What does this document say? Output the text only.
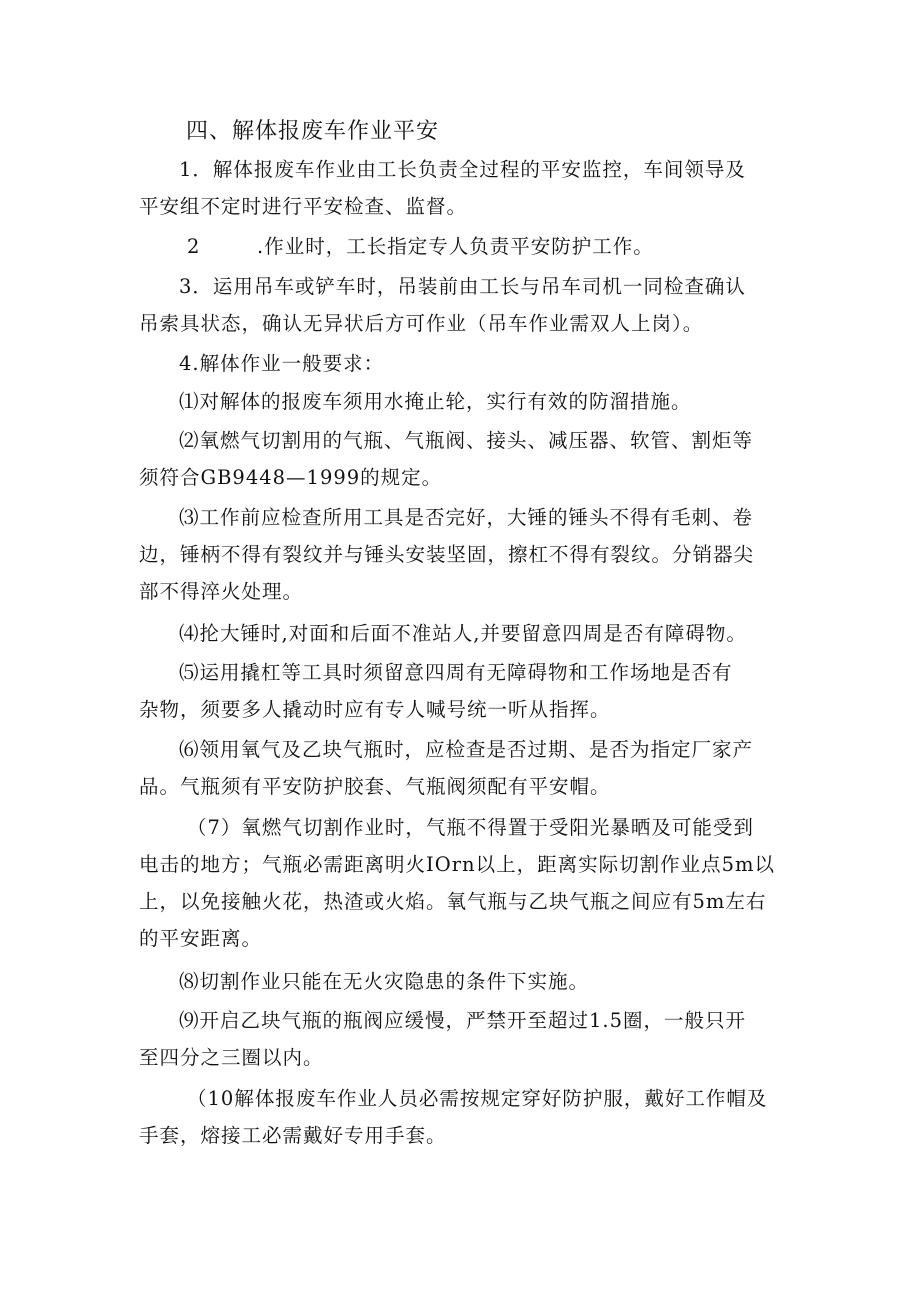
四、解体报废车作业平安
1．解体报废车作业由工长负责全过程的平安监控，车间领导及
平安组不定时进行平安检查、监督。
2	.作业时，工长指定专人负责平安防护工作。
3．运用吊车或铲车时，吊装前由工长与吊车司机一同检查确认
吊索具状态，确认无异状后方可作业（吊车作业需双人上岗）。
4.解体作业一般要求：
⑴对解体的报废车须用水掩止轮，实行有效的防溜措施。
⑵氧燃气切割用的气瓶、气瓶阀、接头、减压器、软管、割炬等
须符合GB9448—1999的规定。
⑶工作前应检查所用工具是否完好，大锤的锤头不得有毛刺、卷
边，锤柄不得有裂纹并与锤头安装坚固，擦杠不得有裂纹。分销器尖
部不得淬火处理。
⑷抡大锤时,对面和后面不准站人,并要留意四周是否有障碍物。
⑸运用撬杠等工具时须留意四周有无障碍物和工作场地是否有
杂物，须要多人撬动时应有专人喊号统一听从指挥。
⑹领用氧气及乙块气瓶时，应检查是否过期、是否为指定厂家产
品。气瓶须有平安防护胶套、气瓶阀须配有平安帽。
（7）氧燃气切割作业时，气瓶不得置于受阳光暴晒及可能受到
电击的地方；气瓶必需距离明火IOrn以上，距离实际切割作业点5m以
上，以免接触火花，热渣或火焰。氧气瓶与乙块气瓶之间应有5m左右
的平安距离。
⑻切割作业只能在无火灾隐患的条件下实施。
⑼开启乙块气瓶的瓶阀应缓慢，严禁开至超过1.5圈，一般只开
至四分之三圈以内。
（10解体报废车作业人员必需按规定穿好防护服，戴好工作帽及
手套，熔接工必需戴好专用手套。
